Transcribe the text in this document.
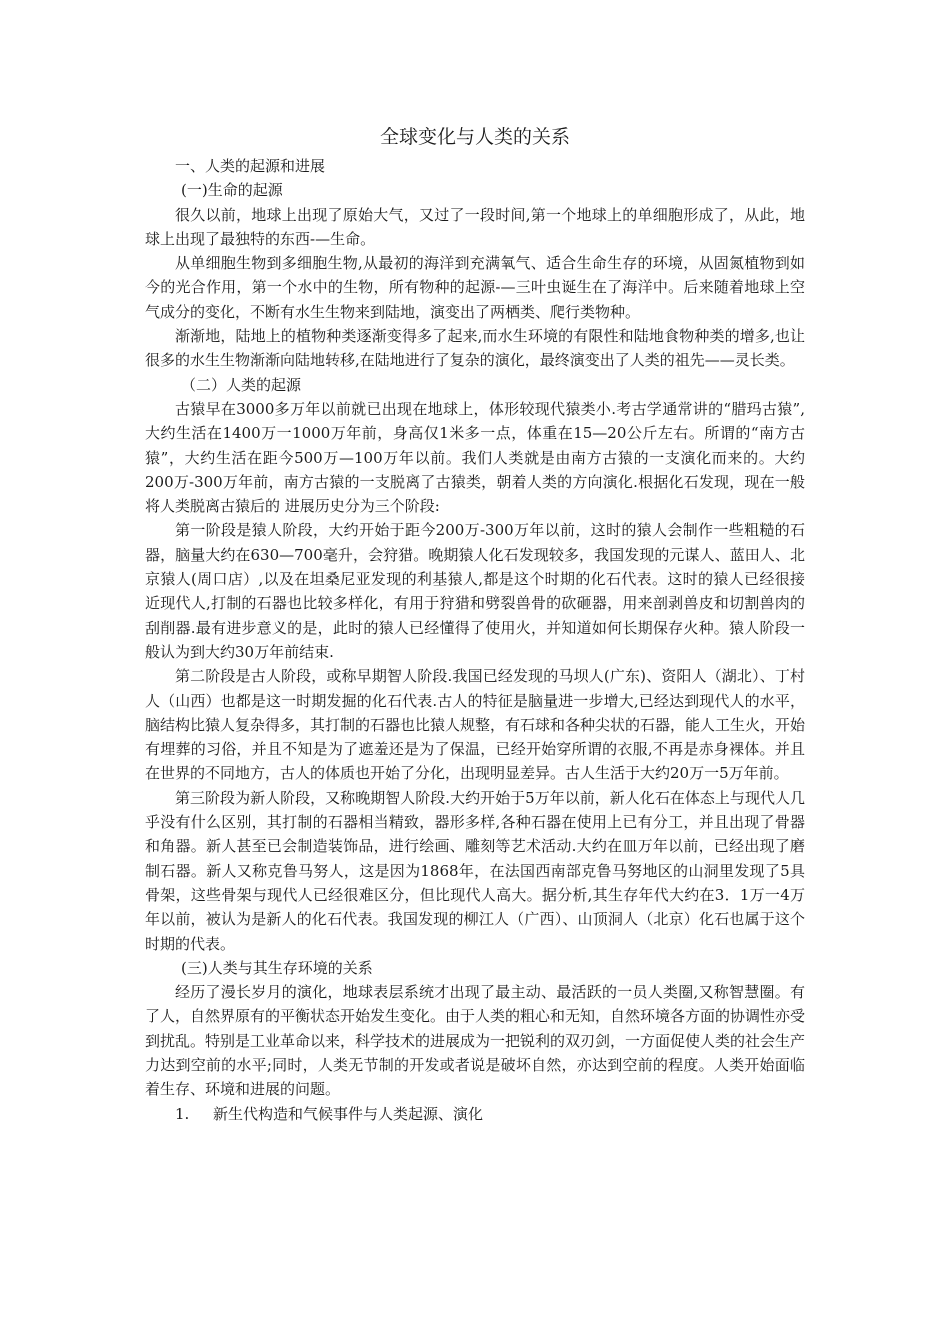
全球变化与人类的关系

一、人类的起源和进展

(一)生命的起源

很久以前，地球上出现了原始大气，又过了一段时间,第一个地球上的单细胞形成了，从此，地球上出现了最独特的东西-—生命。

从单细胞生物到多细胞生物,从最初的海洋到充满氧气、适合生命生存的环境，从固氮植物到如今的光合作用，第一个水中的生物，所有物种的起源-—三叶虫诞生在了海洋中。后来随着地球上空气成分的变化，不断有水生生物来到陆地，演变出了两栖类、爬行类物种。

渐渐地，陆地上的植物种类逐渐变得多了起来,而水生环境的有限性和陆地食物种类的增多,也让很多的水生生物渐渐向陆地转移,在陆地进行了复杂的演化，最终演变出了人类的祖先——灵长类。

（二）人类的起源

古猿早在3000多万年以前就已出现在地球上，体形较现代猿类小.考古学通常讲的“腊玛古猿”,大约生活在1400万一1000万年前，身高仅1米多一点，体重在15—20公斤左右。所谓的“南方古猿”，大约生活在距今500万—100万年以前。我们人类就是由南方古猿的一支演化而来的。大约200万-300万年前，南方古猿的一支脱离了古猿类，朝着人类的方向演化.根据化石发现，现在一般将人类脱离古猿后的 进展历史分为三个阶段:

第一阶段是猿人阶段，大约开始于距今200万-300万年以前，这时的猿人会制作一些粗糙的石器，脑量大约在630—700毫升，会狩猎。晚期猿人化石发现较多，我国发现的元谋人、蓝田人、北京猿人(周口店）,以及在坦桑尼亚发现的利基猿人,都是这个时期的化石代表。这时的猿人已经很接近现代人,打制的石器也比较多样化，有用于狩猎和劈裂兽骨的砍砸器，用来剖剥兽皮和切割兽肉的刮削器.最有进步意义的是，此时的猿人已经懂得了使用火，并知道如何长期保存火种。猿人阶段一般认为到大约30万年前结束.

第二阶段是古人阶段，或称早期智人阶段.我国已经发现的马坝人(广东)、资阳人（湖北）、丁村人（山西）也都是这一时期发掘的化石代表.古人的特征是脑量进一步增大,已经达到现代人的水平，脑结构比猿人复杂得多，其打制的石器也比猿人规整，有石球和各种尖状的石器，能人工生火，开始有埋葬的习俗，并且不知是为了遮羞还是为了保温，已经开始穿所谓的衣服,不再是赤身裸体。并且在世界的不同地方，古人的体质也开始了分化，出现明显差异。古人生活于大约20万一5万年前。

第三阶段为新人阶段，又称晚期智人阶段.大约开始于5万年以前，新人化石在体态上与现代人几乎没有什么区别，其打制的石器相当精致，器形多样,各种石器在使用上已有分工，并且出现了骨器和角器。新人甚至已会制造装饰品，进行绘画、雕刻等艺术活动.大约在皿万年以前，已经出现了磨制石器。新人又称克鲁马努人，这是因为1868年，在法国西南部克鲁马努地区的山洞里发现了5具骨架，这些骨架与现代人已经很难区分，但比现代人高大。据分析,其生存年代大约在3．1万一4万年以前，被认为是新人的化石代表。我国发现的柳江人（广西）、山顶洞人（北京）化石也属于这个时期的代表。

(三)人类与其生存环境的关系

经历了漫长岁月的演化，地球表层系统才出现了最主动、最活跃的一员人类圈,又称智慧圈。有了人，自然界原有的平衡状态开始发生变化。由于人类的粗心和无知，自然环境各方面的协调性亦受到扰乱。特别是工业革命以来，科学技术的进展成为一把锐利的双刃剑，一方面促使人类的社会生产力达到空前的水平;同时，人类无节制的开发或者说是破坏自然，亦达到空前的程度。人类开始面临着生存、环境和进展的问题。

1.	新生代构造和气候事件与人类起源、演化
